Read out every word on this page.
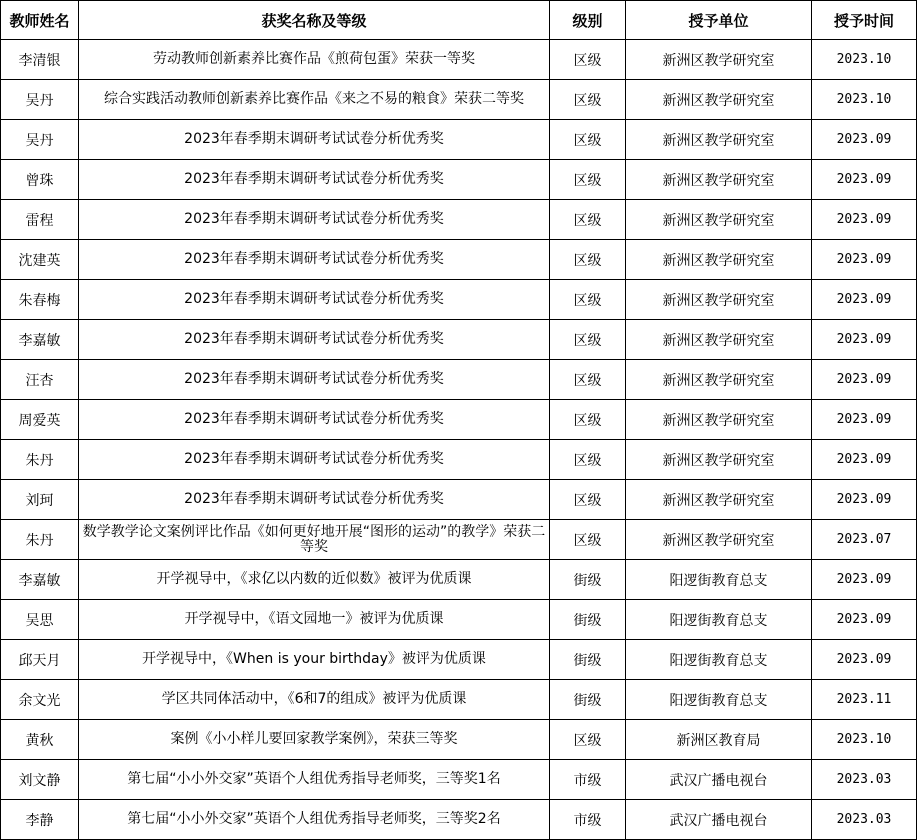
教师姓名	获奖名称及等级	级别	授予单位	授予时间
李清银	劳动教师创新素养比赛作品《煎荷包蛋》荣获一等奖	区级	新洲区教学研究室	2023.10
吴丹	综合实践活动教师创新素养比赛作品《来之不易的粮食》荣获二等奖	区级	新洲区教学研究室	2023.10
吴丹	2023年春季期末调研考试试卷分析优秀奖	区级	新洲区教学研究室	2023.09
曾珠	2023年春季期末调研考试试卷分析优秀奖	区级	新洲区教学研究室	2023.09
雷程	2023年春季期末调研考试试卷分析优秀奖	区级	新洲区教学研究室	2023.09
沈建英	2023年春季期末调研考试试卷分析优秀奖	区级	新洲区教学研究室	2023.09
朱春梅	2023年春季期末调研考试试卷分析优秀奖	区级	新洲区教学研究室	2023.09
李嘉敏	2023年春季期末调研考试试卷分析优秀奖	区级	新洲区教学研究室	2023.09
汪杏	2023年春季期末调研考试试卷分析优秀奖	区级	新洲区教学研究室	2023.09
周爱英	2023年春季期末调研考试试卷分析优秀奖	区级	新洲区教学研究室	2023.09
朱丹	2023年春季期末调研考试试卷分析优秀奖	区级	新洲区教学研究室	2023.09
刘珂	2023年春季期末调研考试试卷分析优秀奖	区级	新洲区教学研究室	2023.09
朱丹	数学教学论文案例评比作品《如何更好地开展“图形的运动”的教学》荣获二等奖	区级	新洲区教学研究室	2023.07
李嘉敏	开学视导中，《求亿以内数的近似数》被评为优质课	街级	阳逻街教育总支	2023.09
吴思	开学视导中，《语文园地一》被评为优质课	街级	阳逻街教育总支	2023.09
邱天月	开学视导中，《When is your birthday》被评为优质课	街级	阳逻街教育总支	2023.09
余文光	学区共同体活动中，《6和7的组成》被评为优质课	街级	阳逻街教育总支	2023.11
黄秋	案例《小小样儿要回家教学案例》，荣获三等奖	区级	新洲区教育局	2023.10
刘文静	第七届“小小外交家”英语个人组优秀指导老师奖，三等奖1名	市级	武汉广播电视台	2023.03
李静	第七届“小小外交家”英语个人组优秀指导老师奖，三等奖2名	市级	武汉广播电视台	2023.03
